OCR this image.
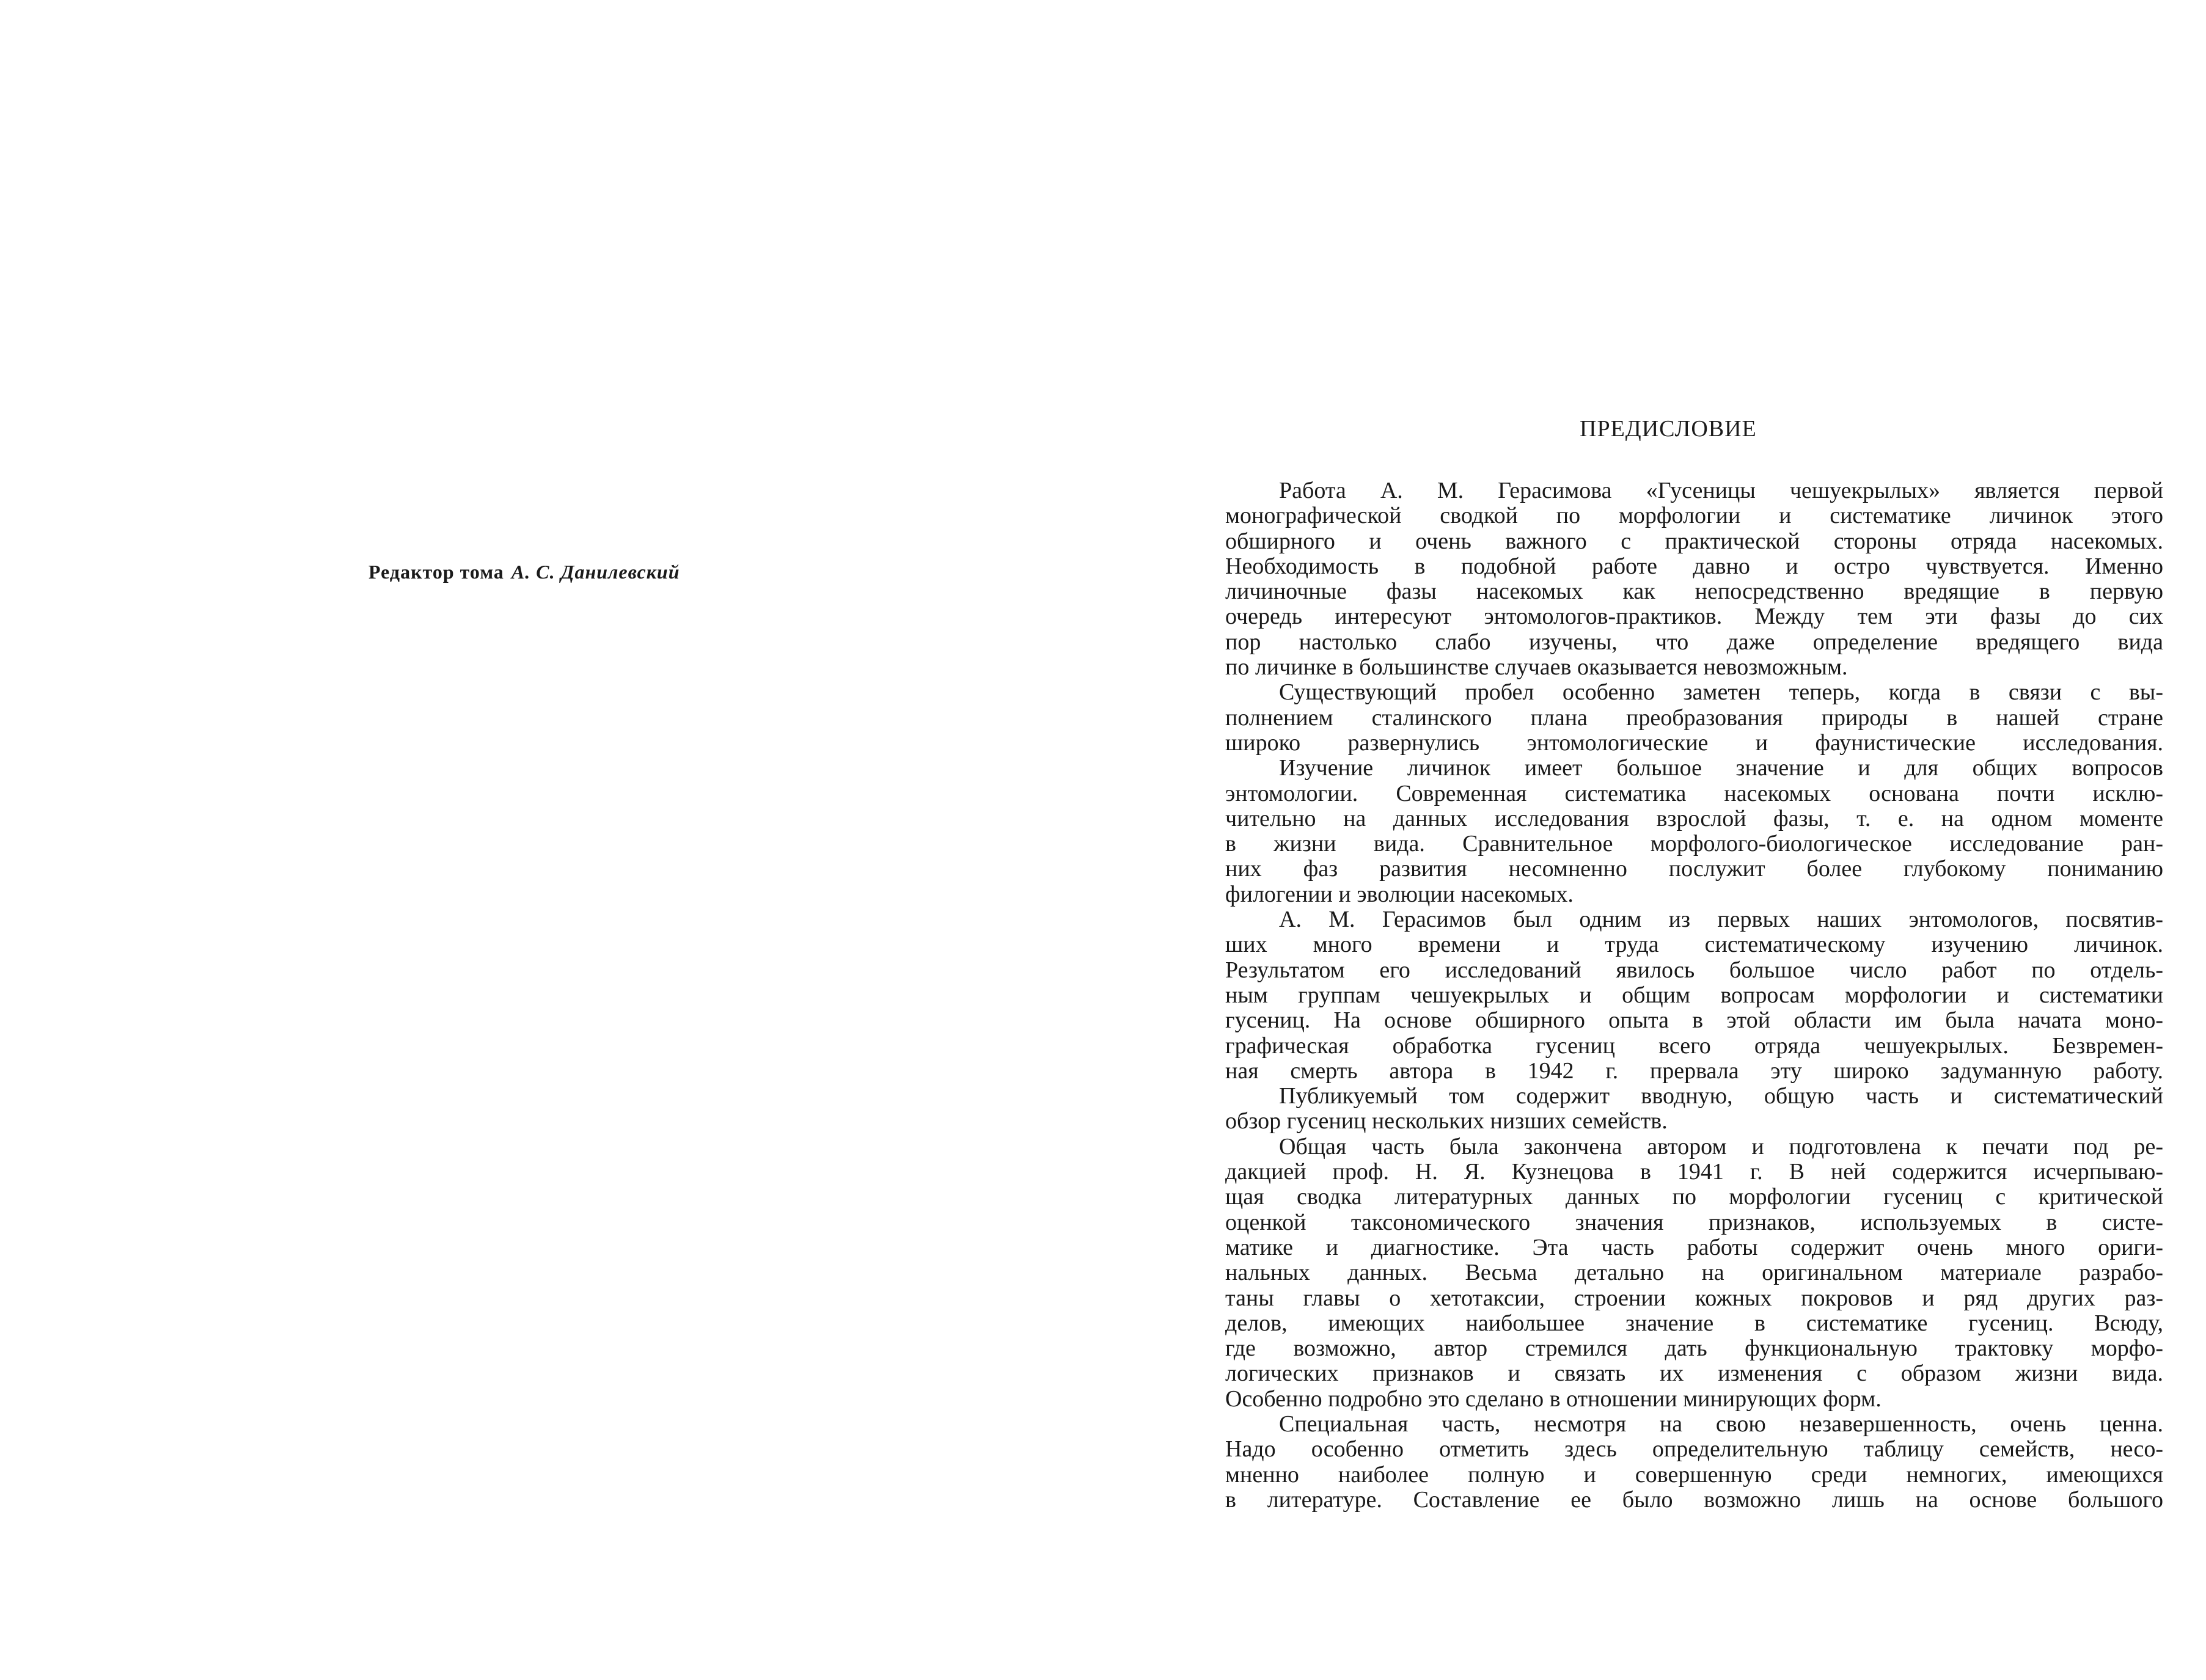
Редактор тома А. С. Данилевский
ПРЕДИСЛОВИЕ
Работа А. М. Герасимова «Гусеницы чешуекрылых» является первой
монографической сводкой по морфологии и систематике личинок этого
обширного и очень важного с практической стороны отряда насекомых.
Необходимость в подобной работе давно и остро чувствуется. Именно
личиночные фазы насекомых как непосредственно вредящие в первую
очередь интересуют энтомологов-практиков. Между тем эти фазы до сих
пор настолько слабо изучены, что даже определение вредящего вида
по личинке в большинстве случаев оказывается невозможным.
Существующий пробел особенно заметен теперь, когда в связи с вы-
полнением сталинского плана преобразования природы в нашей стране
широко развернулись энтомологические и фаунистические исследования.
Изучение личинок имеет большое значение и для общих вопросов
энтомологии. Современная систематика насекомых основана почти исклю-
чительно на данных исследования взрослой фазы, т. е. на одном моменте
в жизни вида. Сравнительное морфолого-биологическое исследование ран-
них фаз развития несомненно послужит более глубокому пониманию
филогении и эволюции насекомых.
А. М. Герасимов был одним из первых наших энтомологов, посвятив-
ших много времени и труда систематическому изучению личинок.
Результатом его исследований явилось большое число работ по отдель-
ным группам чешуекрылых и общим вопросам морфологии и систематики
гусениц. На основе обширного опыта в этой области им была начата моно-
графическая обработка гусениц всего отряда чешуекрылых. Безвремен-
ная смерть автора в 1942 г. прервала эту широко задуманную работу.
Публикуемый том содержит вводную, общую часть и систематический
обзор гусениц нескольких низших семейств.
Общая часть была закончена автором и подготовлена к печати под ре-
дакцией проф. Н. Я. Кузнецова в 1941 г. В ней содержится исчерпываю-
щая сводка литературных данных по морфологии гусениц с критической
оценкой таксономического значения признаков, используемых в систе-
матике и диагностике. Эта часть работы содержит очень много ориги-
нальных данных. Весьма детально на оригинальном материале разрабо-
таны главы о хетотаксии, строении кожных покровов и ряд других раз-
делов, имеющих наибольшее значение в систематике гусениц. Всюду,
где возможно, автор стремился дать функциональную трактовку морфо-
логических признаков и связать их изменения с образом жизни вида.
Особенно подробно это сделано в отношении минирующих форм.
Специальная часть, несмотря на свою незавершенность, очень ценна.
Надо особенно отметить здесь определительную таблицу семейств, несо-
мненно наиболее полную и совершенную среди немногих, имеющихся
в литературе. Составление ее было возможно лишь на основе большого
